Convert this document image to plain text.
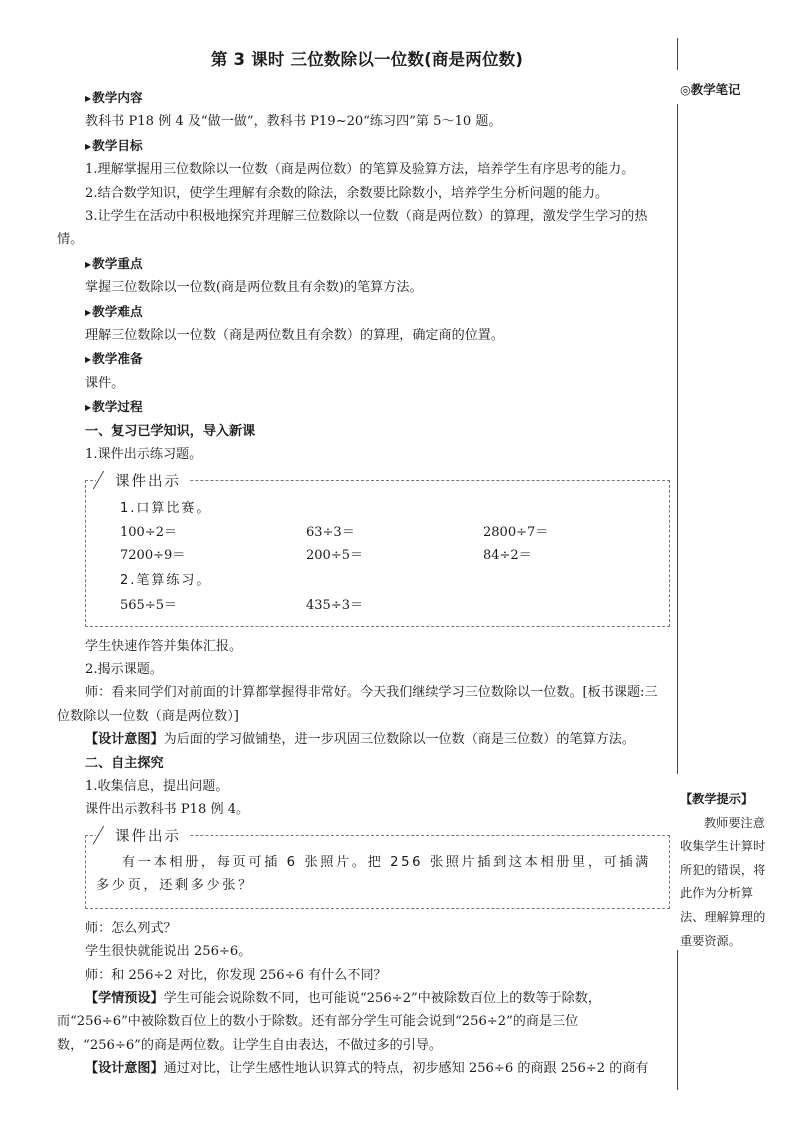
第 3 课时 三位数除以一位数(商是两位数)
◎教学笔记
【教学提示】
教师要注意收集学生计算时所犯的错误，将此作为分析算法、理解算理的重要资源。

▶教学内容

教科书 P18 例 4 及“做一做”，教科书 P19~20“练习四”第 5～10 题。

▶教学目标

1.理解掌握用三位数除以一位数（商是两位数）的笔算及验算方法，培养学生有序思考的能力。

2.结合数学知识，使学生理解有余数的除法，余数要比除数小，培养学生分析问题的能力。

3.让学生在活动中积极地探究并理解三位数除以一位数（商是两位数）的算理，激发学生学习的热情。

▶教学重点

掌握三位数除以一位数(商是两位数且有余数)的笔算方法。

▶教学难点

理解三位数除以一位数（商是两位数且有余数）的算理，确定商的位置。

▶教学准备

课件。

▶教学过程

一、复习已学知识，导入新课

1.课件出示练习题。

课件出示
1.口算比赛。
100÷2＝	63÷3＝	2800÷7＝
7200÷9＝	200÷5＝	84÷2＝
2.笔算练习。
565÷5＝	435÷3＝

学生快速作答并集体汇报。

2.揭示课题。

师：看来同学们对前面的计算都掌握得非常好。今天我们继续学习三位数除以一位数。[板书课题:三位数除以一位数（商是两位数）]

【设计意图】为后面的学习做铺垫，进一步巩固三位数除以一位数（商是三位数）的笔算方法。

二、自主探究

1.收集信息，提出问题。

课件出示教科书 P18 例 4。

课件出示
有一本相册，每页可插 6 张照片。把 256 张照片插到这本相册里，可插满多少页，还剩多少张？

师：怎么列式？

学生很快就能说出 256÷6。

师：和 256÷2 对比，你发现 256÷6 有什么不同？

【学情预设】学生可能会说除数不同，也可能说“256÷2”中被除数百位上的数等于除数，而“256÷6”中被除数百位上的数小于除数。还有部分学生可能会说到“256÷2”的商是三位数，“256÷6”的商是两位数。让学生自由表达，不做过多的引导。

【设计意图】通过对比，让学生感性地认识算式的特点，初步感知 256÷6 的商跟 256÷2 的商有
